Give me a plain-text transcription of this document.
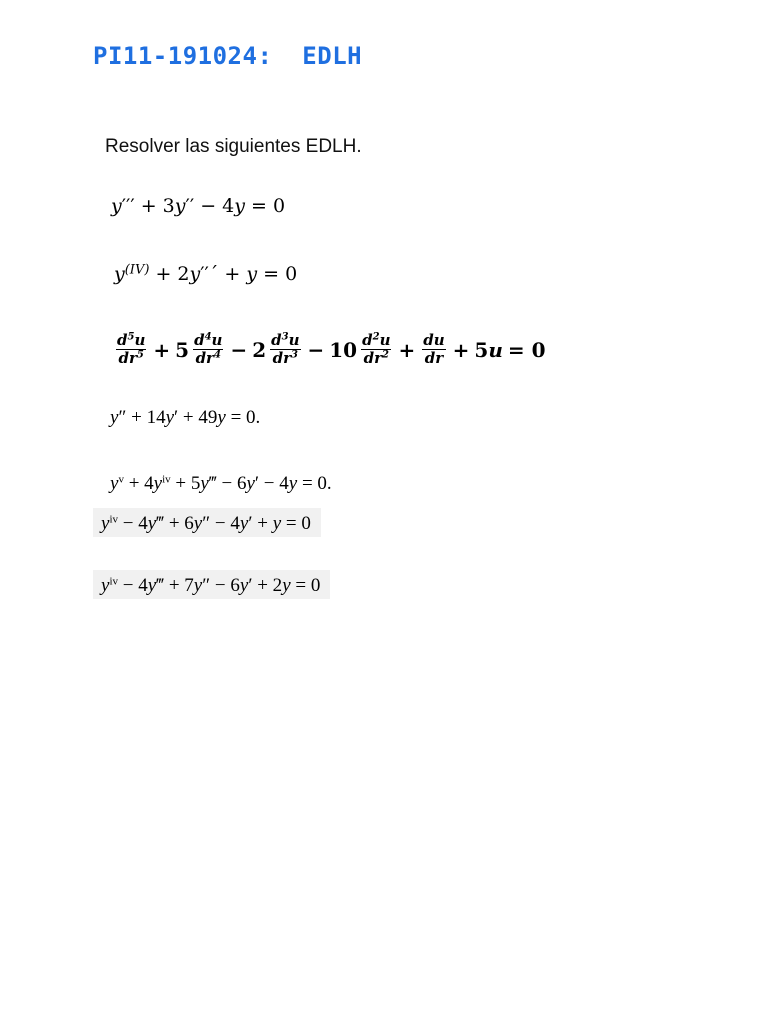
PI11-191024:  EDLH
Resolver las siguientes EDLH.
y′′′ + 3y′′ − 4y = 0
$y^{(IV)}$ + 2y′′´ + y = 0
$\frac{d^5u}{dr^5} + 5 \frac{d^4u}{dr^4} - 2 \frac{d^3u}{dr^3} - 10 \frac{d^2u}{dr^2} + \frac{du}{dr} + 5$ u = 0
y″ + 14y′ + 49y = 0.
$y^v + 4y^{iv}$ + 5y‴ − 6y′ − 4y = 0.
$y^{iv}$ − 4y‴ + 6y″ − 4y′ + y = 0
$y^{iv}$ − 4y‴ + 7y″ − 6y′ + 2y = 0
